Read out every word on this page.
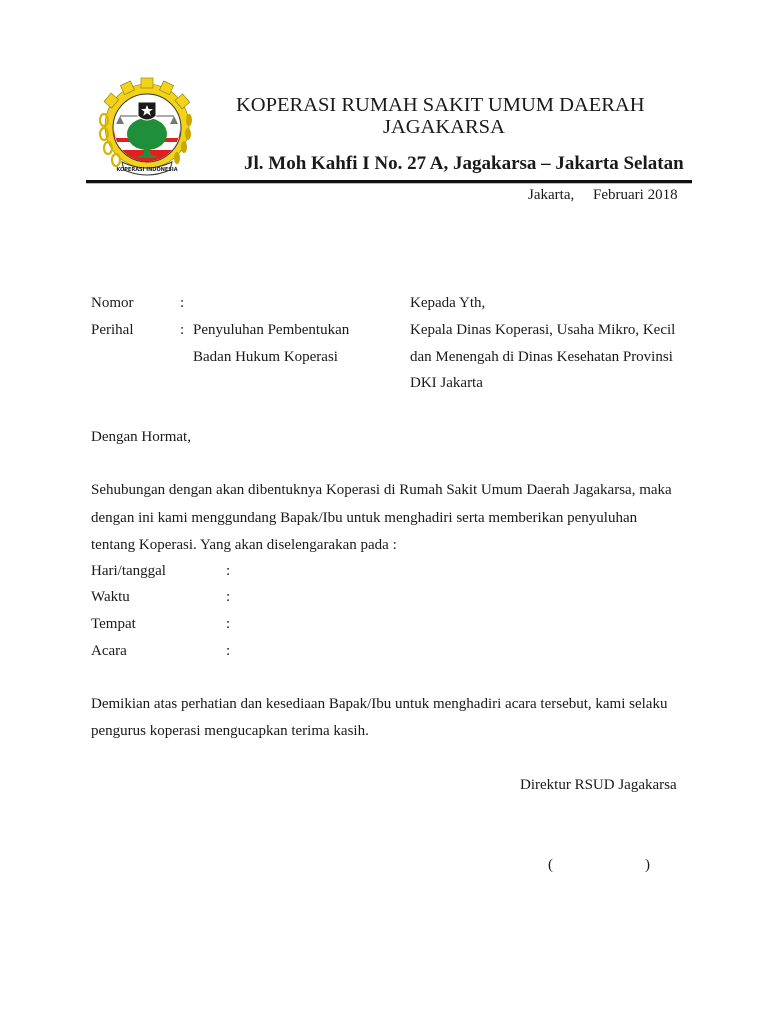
KOPERASI INDONESIA
KOPERASI RUMAH SAKIT UMUM DAERAH
JAGAKARSA
Jl. Moh Kahfi I No. 27 A, Jagakarsa – Jakarta Selatan
Jakarta, Februari 2018
Nomor	:
Perihal	: Penyuluhan Pembentukan
Badan Hukum Koperasi
Kepada Yth,
Kepala Dinas Koperasi, Usaha Mikro, Kecil
dan Menengah di Dinas Kesehatan Provinsi
DKI Jakarta
Dengan Hormat,
Sehubungan dengan akan dibentuknya Koperasi di Rumah Sakit Umum Daerah Jagakarsa, maka
dengan ini kami menggundang Bapak/Ibu untuk menghadiri serta memberikan penyuluhan
tentang Koperasi. Yang akan diselengarakan pada :
Hari/tanggal	:
Waktu	:
Tempat	:
Acara	:
Demikian atas perhatian dan kesediaan Bapak/Ibu untuk menghadiri acara tersebut, kami selaku
pengurus koperasi mengucapkan terima kasih.
Direktur RSUD Jagakarsa
(	)
